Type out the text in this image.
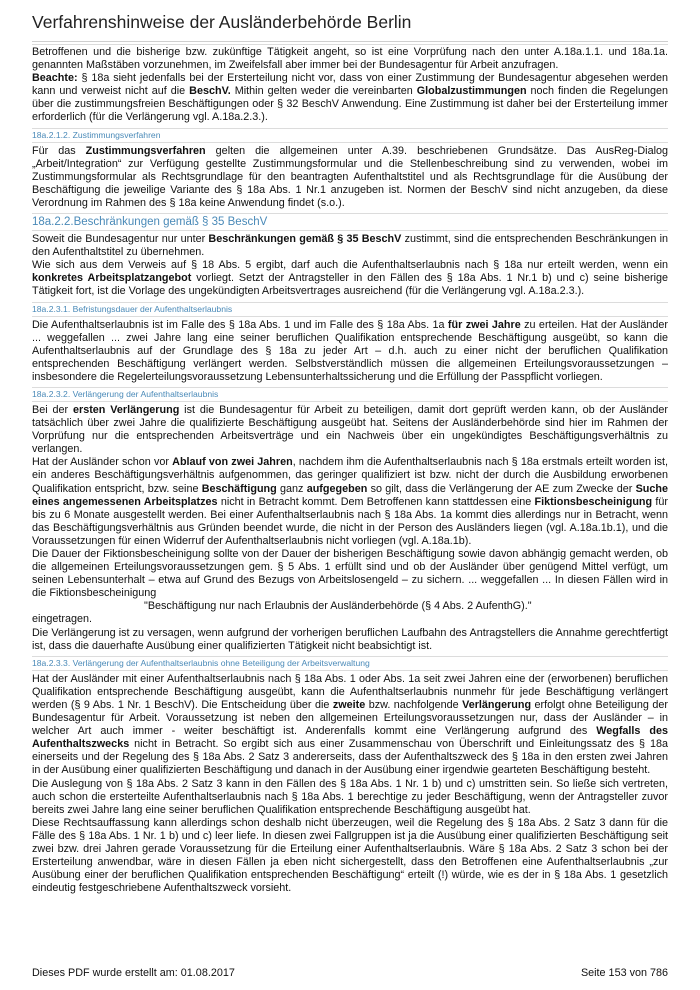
Verfahrenshinweise der Ausländerbehörde Berlin

Betroffenen und die bisherige bzw. zukünftige Tätigkeit angeht, so ist eine Vorprüfung nach den unter A.18a.1.1. und 18a.1a. genannten Maßstäben vorzunehmen, im Zweifelsfall aber immer bei der Bundesagentur für Arbeit anzufragen.

Beachte: § 18a sieht jedenfalls bei der Ersterteilung nicht vor, dass von einer Zustimmung der Bundesagentur abgesehen werden kann und verweist nicht auf die BeschV. Mithin gelten weder die vereinbarten Globalzustimmungen noch finden die Regelungen über die zustimmungsfreien Beschäftigungen oder § 32 BeschV Anwendung. Eine Zustimmung ist daher bei der Ersterteilung immer erforderlich (für die Verlängerung vgl. A.18a.2.3.).

18a.2.1.2. Zustimmungsverfahren

Für das Zustimmungsverfahren gelten die allgemeinen unter A.39. beschriebenen Grundsätze. Das AusReg-Dialog „Arbeit/Integration“ zur Verfügung gestellte Zustimmungsformular und die Stellenbeschreibung sind zu verwenden, wobei im Zustimmungsformular als Rechtsgrundlage für den beantragten Aufenthaltstitel und als Rechtsgrundlage für die Ausübung der Beschäftigung die jeweilige Variante des § 18a Abs. 1 Nr.1 anzugeben ist. Normen der BeschV sind nicht anzugeben, da diese Verordnung im Rahmen des § 18a keine Anwendung findet (s.o.).

18a.2.2.Beschränkungen gemäß § 35 BeschV

Soweit die Bundesagentur nur unter Beschränkungen gemäß § 35 BeschV zustimmt, sind die entsprechenden Beschränkungen in den Aufenthaltstitel zu übernehmen.

Wie sich aus dem Verweis auf § 18 Abs. 5 ergibt, darf auch die Aufenthaltserlaubnis nach § 18a nur erteilt werden, wenn ein konkretes Arbeitsplatzangebot vorliegt. Setzt der Antragsteller in den Fällen des § 18a Abs. 1 Nr.1 b) und c) seine bisherige Tätigkeit fort, ist die Vorlage des ungekündigten Arbeitsvertrages ausreichend (für die Verlängerung vgl. A.18a.2.3.).

18a.2.3.1. Befristungsdauer der Aufenthaltserlaubnis

Die Aufenthaltserlaubnis ist im Falle des § 18a Abs. 1 und im Falle des § 18a Abs. 1a für zwei Jahre zu erteilen. Hat der Ausländer ... weggefallen ... zwei Jahre lang eine seiner beruflichen Qualifikation entsprechende Beschäftigung ausgeübt, so kann die Aufenthaltserlaubnis auf der Grundlage des § 18a zu jeder Art – d.h. auch zu einer nicht der beruflichen Qualifikation entsprechenden Beschäftigung verlängert werden. Selbstverständlich müssen die allgemeinen Erteilungsvoraussetzungen – insbesondere die Regelerteilungsvoraussetzung Lebensunterhaltssicherung und die Erfüllung der Passpflicht vorliegen.

18a.2.3.2. Verlängerung der Aufenthaltserlaubnis

Bei der ersten Verlängerung ist die Bundesagentur für Arbeit zu beteiligen, damit dort geprüft werden kann, ob der Ausländer tatsächlich über zwei Jahre die qualifizierte Beschäftigung ausgeübt hat. Seitens der Ausländerbehörde sind hier im Rahmen der Vorprüfung nur die entsprechenden Arbeitsverträge und ein Nachweis über ein ungekündigtes Beschäftigungsverhältnis zu verlangen.

Hat der Ausländer schon vor Ablauf von zwei Jahren, nachdem ihm die Aufenthaltserlaubnis nach § 18a erstmals erteilt worden ist, ein anderes Beschäftigungsverhältnis aufgenommen, das geringer qualifiziert ist bzw. nicht der durch die Ausbildung erworbenen Qualifikation entspricht, bzw. seine Beschäftigung ganz aufgegeben so gilt, dass die Verlängerung der AE zum Zwecke der Suche eines angemessenen Arbeitsplatzes nicht in Betracht kommt. Dem Betroffenen kann stattdessen eine Fiktionsbescheinigung für bis zu 6 Monate ausgestellt werden. Bei einer Aufenthaltserlaubnis nach § 18a Abs. 1a kommt dies allerdings nur in Betracht, wenn das Beschäftigungsverhältnis aus Gründen beendet wurde, die nicht in der Person des Ausländers liegen (vgl. A.18a.1b.1), und die Voraussetzungen für einen Widerruf der Aufenthaltserlaubnis nicht vorliegen (vgl. A.18a.1b).

Die Dauer der Fiktionsbescheinigung sollte von der Dauer der bisherigen Beschäftigung sowie davon abhängig gemacht werden, ob die allgemeinen Erteilungsvoraussetzungen gem. § 5 Abs. 1 erfüllt sind und ob der Ausländer über genügend Mittel verfügt, um seinen Lebensunterhalt – etwa auf Grund des Bezugs von Arbeitslosengeld – zu sichern. ... weggefallen ... In diesen Fällen wird in die Fiktionsbescheinigung

"Beschäftigung nur nach Erlaubnis der Ausländerbehörde (§ 4 Abs. 2 AufenthG)."

eingetragen.

Die Verlängerung ist zu versagen, wenn aufgrund der vorherigen beruflichen Laufbahn des Antragstellers die Annahme gerechtfertigt ist, dass die dauerhafte Ausübung einer qualifizierten Tätigkeit nicht beabsichtigt ist.

18a.2.3.3. Verlängerung der Aufenthaltserlaubnis ohne Beteiligung der Arbeitsverwaltung

Hat der Ausländer mit einer Aufenthaltserlaubnis nach § 18a Abs. 1 oder Abs. 1a seit zwei Jahren eine der (erworbenen) beruflichen Qualifikation entsprechende Beschäftigung ausgeübt, kann die Aufenthaltserlaubnis nunmehr für jede Beschäftigung verlängert werden (§ 9 Abs. 1 Nr. 1 BeschV). Die Entscheidung über die zweite bzw. nachfolgende Verlängerung erfolgt ohne Beteiligung der Bundesagentur für Arbeit. Voraussetzung ist neben den allgemeinen Erteilungsvoraussetzungen nur, dass der Ausländer – in welcher Art auch immer - weiter beschäftigt ist. Anderenfalls kommt eine Verlängerung aufgrund des Wegfalls des Aufenthaltszwecks nicht in Betracht. So ergibt sich aus einer Zusammenschau von Überschrift und Einleitungssatz des § 18a einerseits und der Regelung des § 18a Abs. 2 Satz 3 andererseits, dass der Aufenthaltszweck des § 18a in den ersten zwei Jahren in der Ausübung einer qualifizierten Beschäftigung und danach in der Ausübung einer irgendwie gearteten Beschäftigung besteht.

Die Auslegung von § 18a Abs. 2 Satz 3 kann in den Fällen des § 18a Abs. 1 Nr. 1 b) und c) umstritten sein. So ließe sich vertreten, auch schon die ersterteilte Aufenthaltserlaubnis nach § 18a Abs. 1 berechtige zu jeder Beschäftigung, wenn der Antragsteller zuvor bereits zwei Jahre lang eine seiner beruflichen Qualifikation entsprechende Beschäftigung ausgeübt hat.

Diese Rechtsauffassung kann allerdings schon deshalb nicht überzeugen, weil die Regelung des § 18a Abs. 2 Satz 3 dann für die Fälle des § 18a Abs. 1 Nr. 1 b) und c) leer liefe. In diesen zwei Fallgruppen ist ja die Ausübung einer qualifizierten Beschäftigung seit zwei bzw. drei Jahren gerade Voraussetzung für die Erteilung einer Aufenthaltserlaubnis. Wäre § 18a Abs. 2 Satz 3 schon bei der Ersterteilung anwendbar, wäre in diesen Fällen ja eben nicht sichergestellt, dass den Betroffenen eine Aufenthaltserlaubnis „zur Ausübung einer der beruflichen Qualifikation entsprechenden Beschäftigung“ erteilt (!) würde, wie es der in § 18a Abs. 1 gesetzlich eindeutig festgeschriebene Aufenthaltszweck vorsieht.

Dieses PDF wurde erstellt am: 01.08.2017	Seite 153 von 786
